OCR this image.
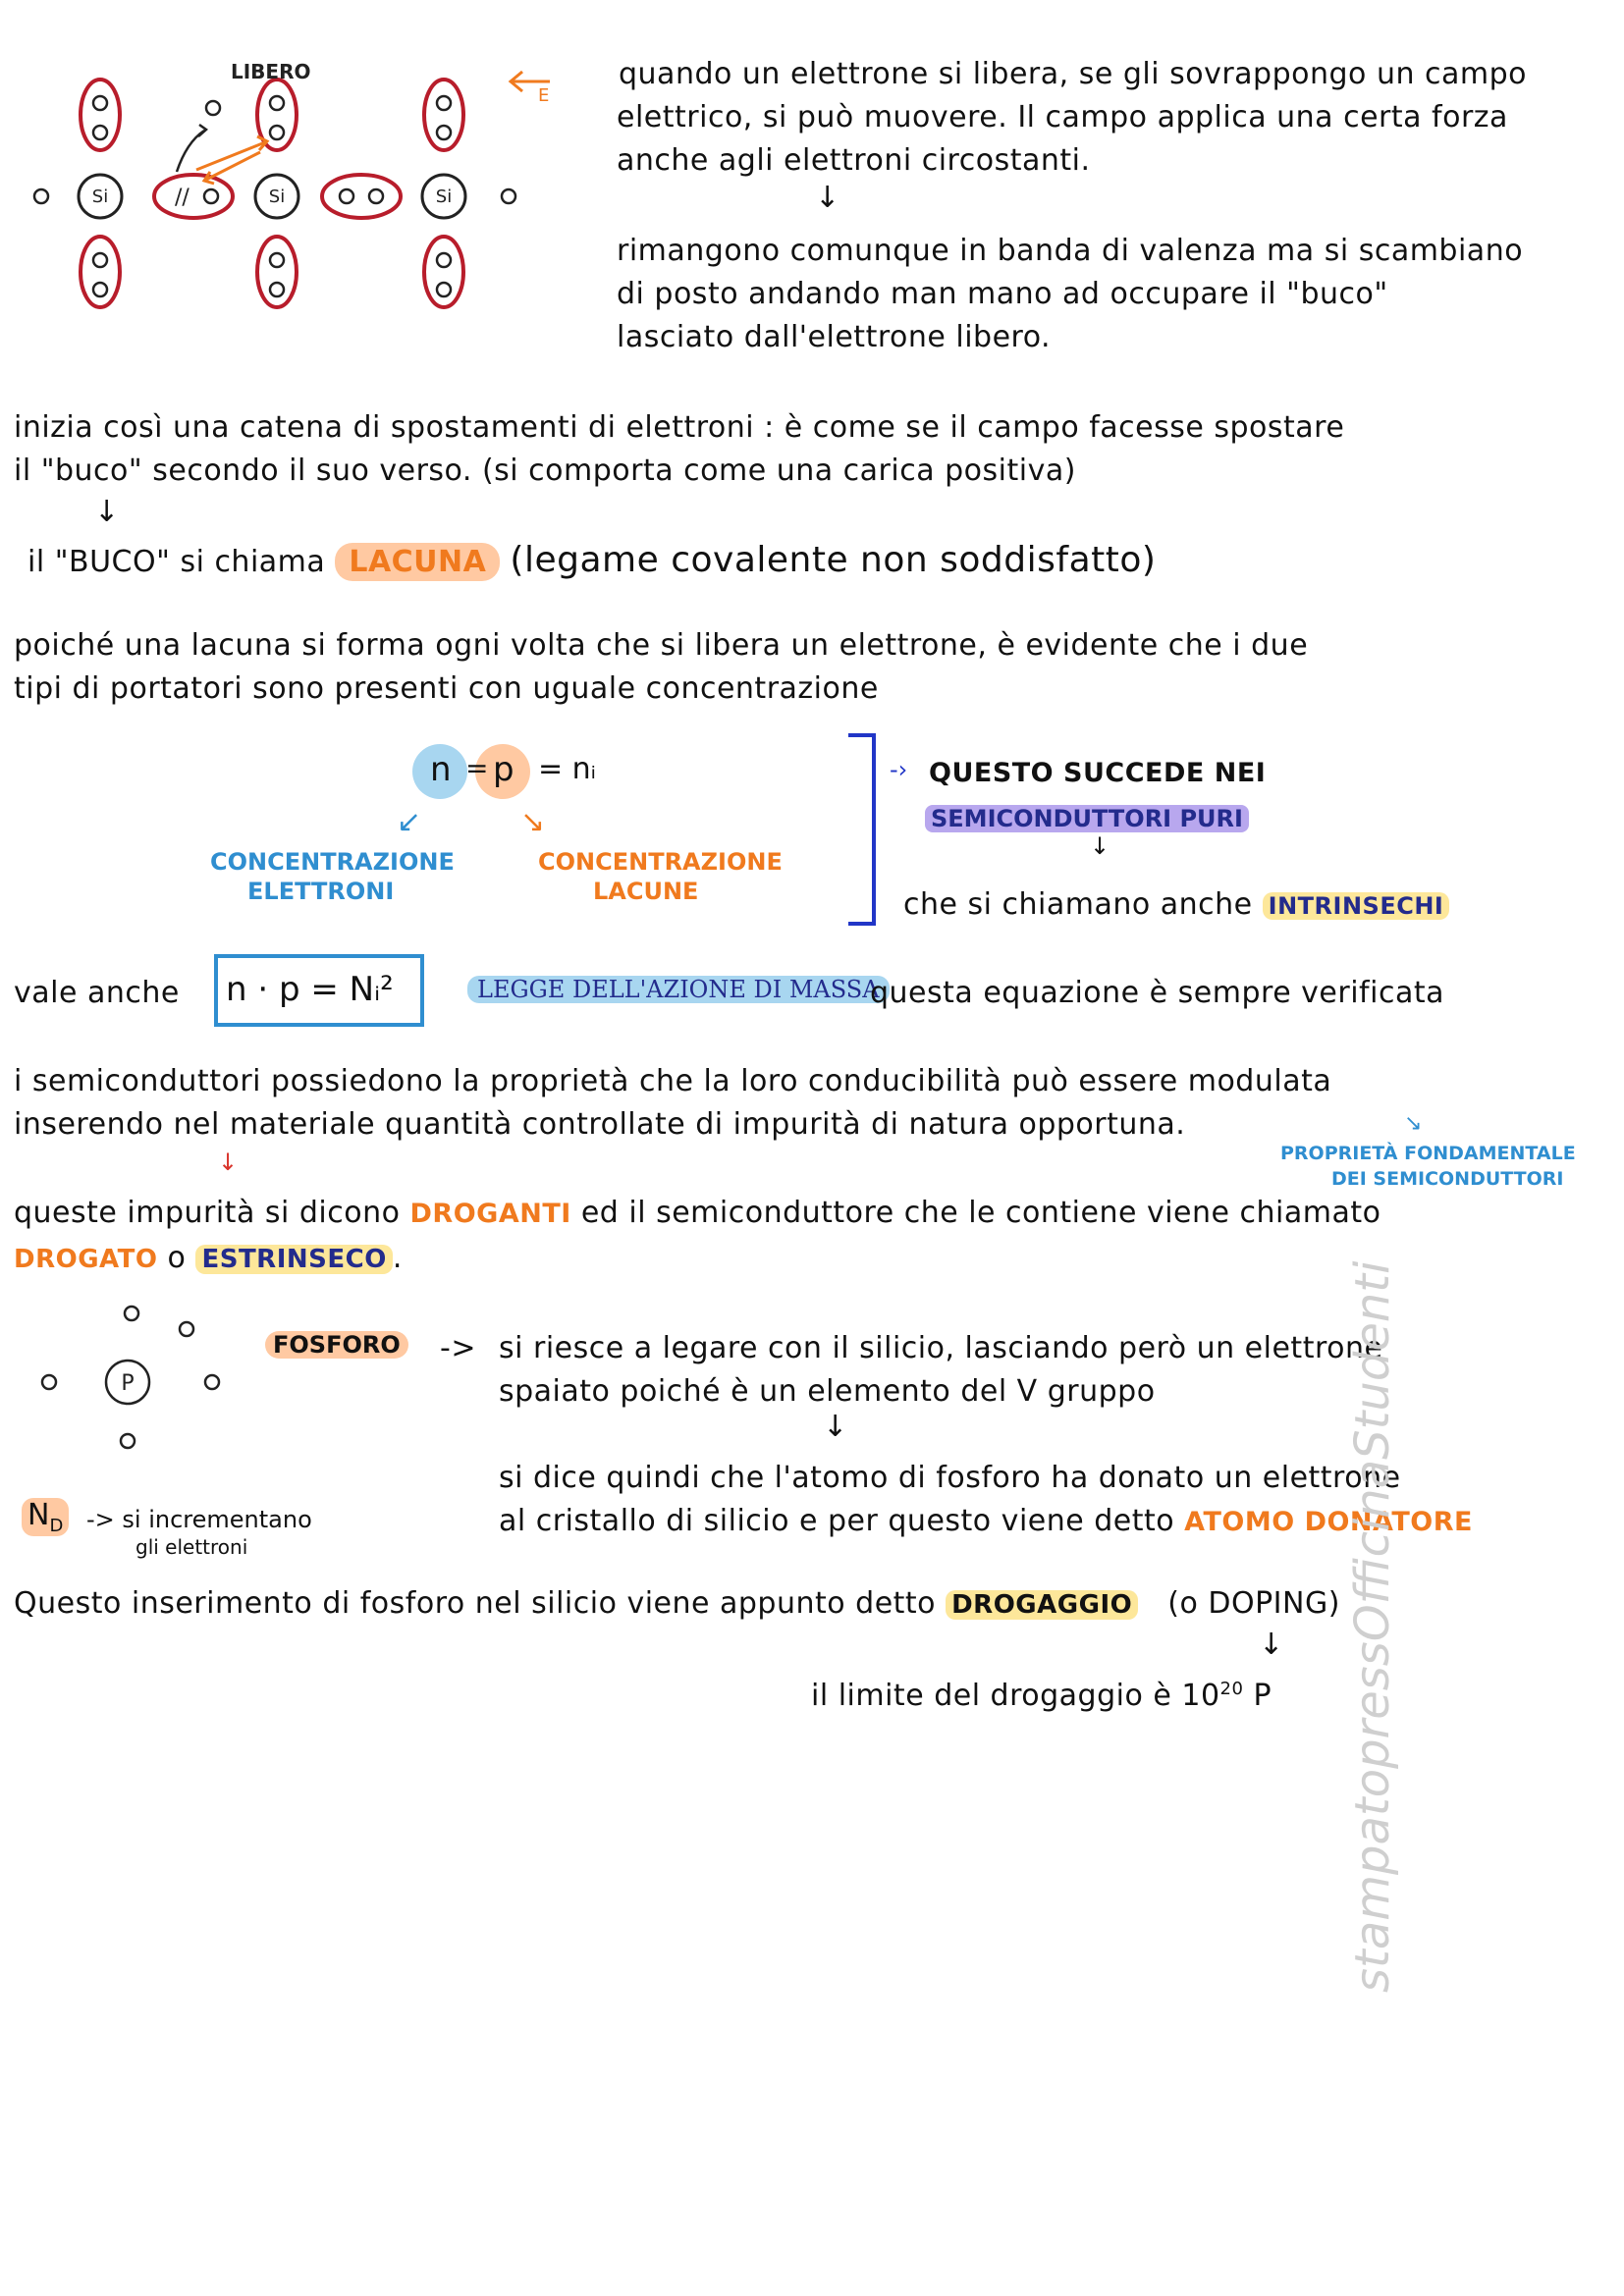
Si	Si	Si
//
E
LIBERO	quando un elettrone si libera, se gli sovrappongo un campo
elettrico, si può muovere. Il campo applica una certa forza
anche agli elettroni circostanti.
↓
rimangono comunque in banda di valenza ma si scambiano
di posto andando man mano ad occupare il "buco"
lasciato dall'elettrone libero.
inizia così una catena di spostamenti di elettroni : è come se il campo facesse spostare
il "buco" secondo il suo verso. (si comporta come una carica positiva)
↓
il "BUCO" si chiama LACUNA (legame covalente non soddisfatto)
poiché una lacuna si forma ogni volta che si libera un elettrone, è evidente che i due
tipi di portatori sono presenti con uguale concentrazione
n = p = nᵢ
↙	↘
CONCENTRAZIONE
ELETTRONI
CONCENTRAZIONE
LACUNE
-› QUESTO SUCCEDE NEI
SEMICONDUTTORI PURI
↓
che si chiamano anche INTRINSECHI
vale anche n · p = Nᵢ²	LEGGE DELL'AZIONE DI MASSA
questa equazione è sempre verificata
i semiconduttori possiedono la proprietà che la loro conducibilità può essere modulata
inserendo nel materiale quantità controllate di impurità di natura opportuna.	↘
PROPRIETÀ FONDAMENTALE
DEI SEMICONDUTTORI
↓
queste impurità si dicono DROGANTI ed il semiconduttore che le contiene viene chiamato
DROGATO o ESTRINSECO .
P
FOSFORO -> si riesce a legare con il silicio, lasciando però un elettrone
spaiato poiché è un elemento del V gruppo
↓
si dice quindi che l'atomo di fosforo ha donato un elettrone
al cristallo di silicio e per questo viene detto ATOMO DONATORE
$N_D$ -> si incrementano
gli elettroni
Questo inserimento di fosforo nel silicio viene appunto detto DROGAGGIO (o DOPING)
↓
il limite del drogaggio è $10^{20}$ P stampatopressOfficinaStudenti
